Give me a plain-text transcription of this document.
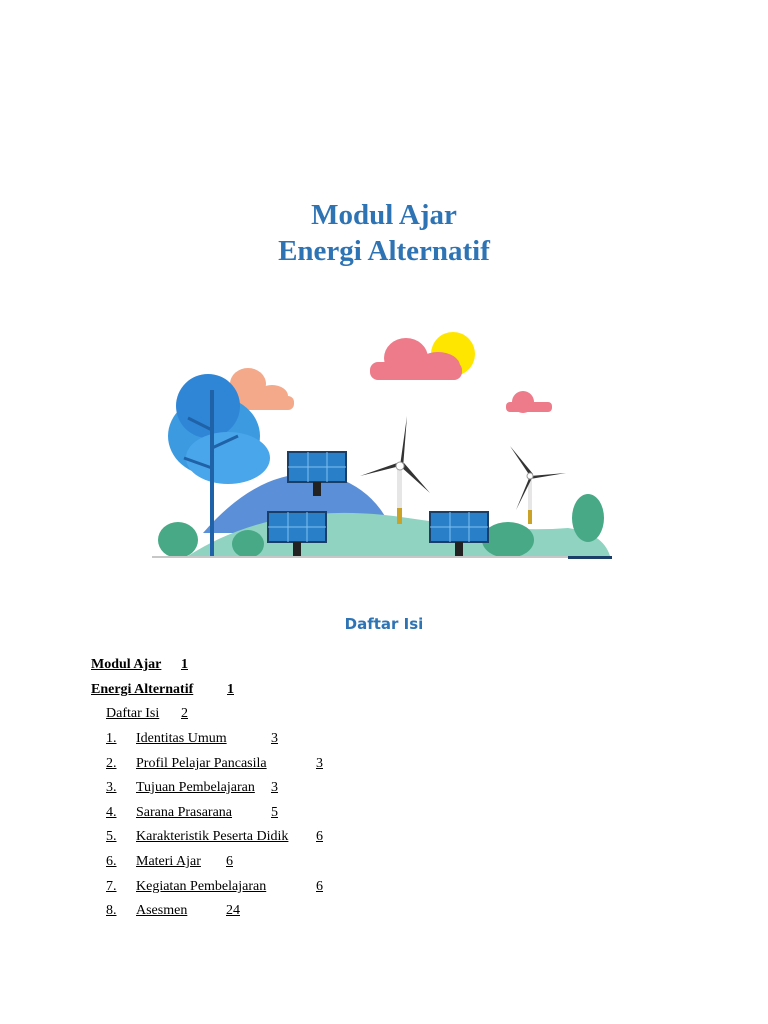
Modul Ajar
Energi Alternatif
Daftar Isi
Modul Ajar 1
Energi Alternatif 1
Daftar Isi 2
1. Identitas Umum	3
2. Profil Pelajar Pancasila	3
3. Tujuan Pembelajaran 3
4. Sarana Prasarana	5
5. Karakteristik Peserta Didik 6
6. Materi Ajar 6
7. Kegiatan Pembelajaran	6
8. Asesmen	24
